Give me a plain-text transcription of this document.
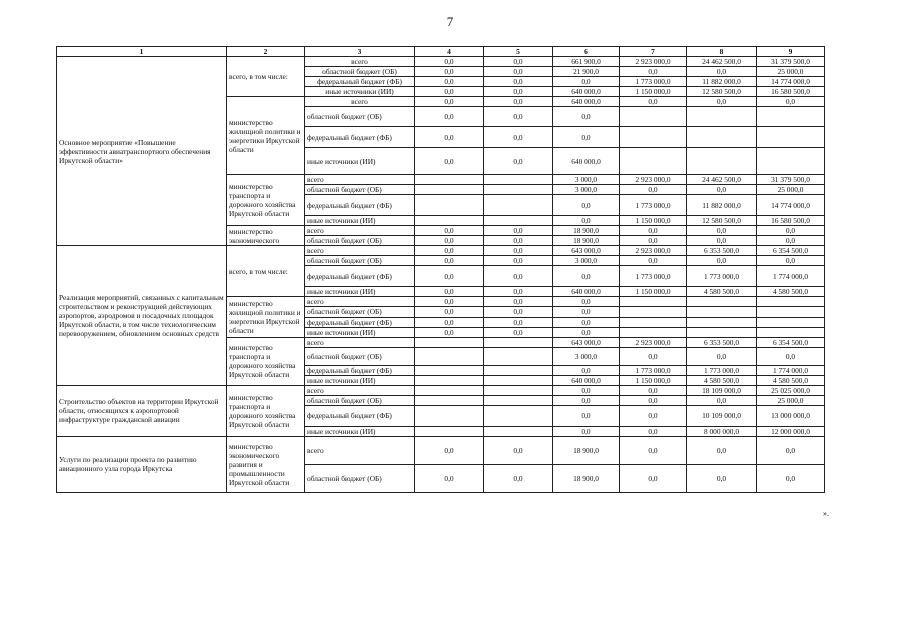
7
1	2	3	4	5	6	7	8	9
Основное мероприятие «Повышение эффективности авиатранспортного обеспечения Иркутской области»	всего, в том числе:	всего	0,0	0,0	661 900,0	2 923 000,0	24 462 500,0	31 379 500,0
		областной бюджет (ОБ)	0,0	0,0	21 900,0	0,0	0,0	25 000,0
		федеральный бюджет (ФБ)	0,0	0,0	0,0	1 773 000,0	11 882 000,0	14 774 000,0
		иные источники (ИИ)	0,0	0,0	640 000,0	1 150 000,0	12 580 500,0	16 580 500,0
	министерство жилищной политики и энергетики Иркутской области	всего	0,0	0,0	640 000,0	0,0	0,0	0,0
		областной бюджет (ОБ)	0,0	0,0	0,0			
		федеральный бюджет (ФБ)	0,0	0,0	0,0			
		иные источники (ИИ)	0,0	0,0	640 000,0			
	министерство транспорта и дорожного хозяйства Иркутской области	всего			3 000,0	2 923 000,0	24 462 500,0	31 379 500,0
		областной бюджет (ОБ)			3 000,0	0,0	0,0	25 000,0
		федеральный бюджет (ФБ)			0,0	1 773 000,0	11 882 000,0	14 774 000,0
		иные источники (ИИ)			0,0	1 150 000,0	12 580 500,0	16 580 500,0
	министерство экономического	всего	0,0	0,0	18 900,0	0,0	0,0	0,0
		областной бюджет (ОБ)	0,0	0,0	18 900,0	0,0	0,0	0,0
Реализация мероприятий, связанных с капитальным строительством и реконструкцией действующих аэропортов, аэродромов и посадочных площадок Иркутской области, в том числе технологическим перевооружением, обновлением основных средств	всего, в том числе:	всего	0,0	0,0	643 000,0	2 923 000,0	6 353 500,0	6 354 500,0
		областной бюджет (ОБ)	0,0	0,0	3 000,0	0,0	0,0	0,0
		федеральный бюджет (ФБ)	0,0	0,0	0,0	1 773 000,0	1 773 000,0	1 774 000,0
		иные источники (ИИ)	0,0	0,0	640 000,0	1 150 000,0	4 580 500,0	4 580 500,0
	министерство жилищной политики и энергетики Иркутской области	всего	0,0	0,0	0,0			
		областной бюджет (ОБ)	0,0	0,0	0,0			
		федеральный бюджет (ФБ)	0,0	0,0	0,0			
		иные источники (ИИ)	0,0	0,0	0,0			
	министерство транспорта и дорожного хозяйства Иркутской области	всего			643 000,0	2 923 000,0	6 353 500,0	6 354 500,0
		областной бюджет (ОБ)			3 000,0	0,0	0,0	0,0
		федеральный бюджет (ФБ)			0,0	1 773 000,0	1 773 000,0	1 774 000,0
		иные источники (ИИ)			640 000,0	1 150 000,0	4 580 500,0	4 580 500,0
Строительство объектов на территории Иркутской области, относящихся к аэропортовой инфраструктуре гражданской авиации	министерство транспорта и дорожного хозяйства Иркутской области	всего			0,0	0,0	18 109 000,0	25 025 000,0
		областной бюджет (ОБ)			0,0	0,0	0,0	25 000,0
		федеральный бюджет (ФБ)			0,0	0,0	10 109 000,0	13 000 000,0
		иные источники (ИИ)			0,0	0,0	8 000 000,0	12 000 000,0
Услуги по реализации проекта по развитию авиационного узла города Иркутска	министерство экономического развития и промышленности Иркутской области	всего	0,0	0,0	18 900,0	0,0	0,0	0,0
		областной бюджет (ОБ)	0,0	0,0	18 900,0	0,0	0,0	0,0
».
